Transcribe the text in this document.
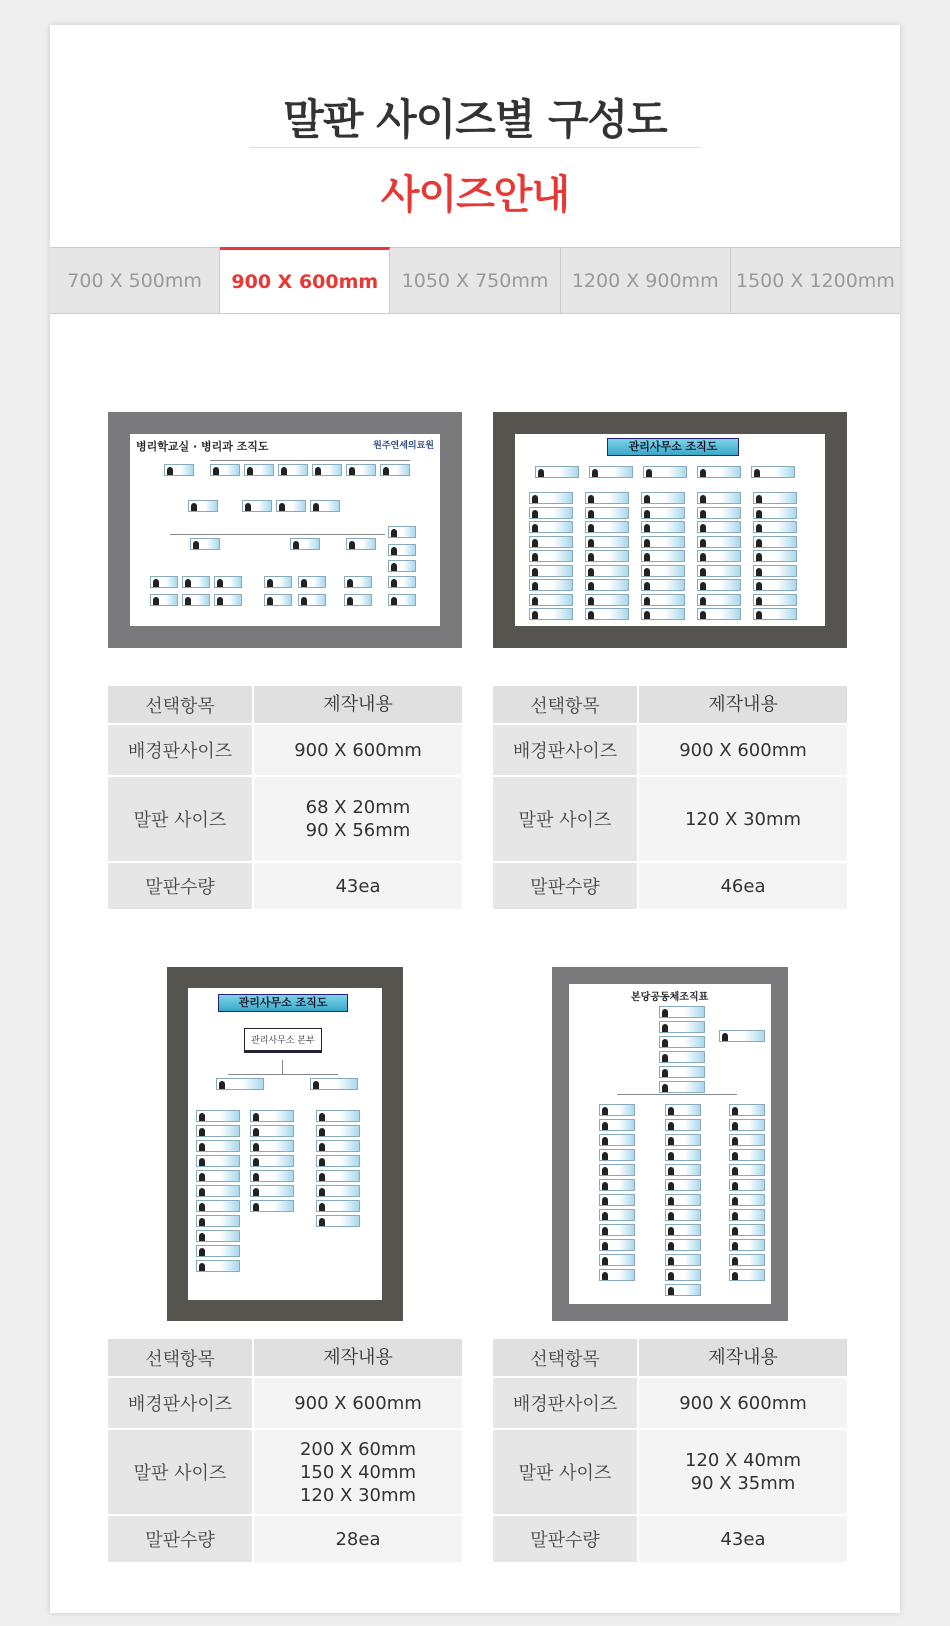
말판 사이즈별 구성도
사이즈안내
700 X 500mm	900 X 600mm	1050 X 750mm	1200 X 900mm 1500 X 1200mm
병리학교실 · 병리과 조직도	원주연세의료원
선택항목	제작내용
배경판사이즈	900 X 600mm
말판 사이즈	68 X 20mm
90 X 56mm

말판수량	43ea
관리사무소 조직도
선택항목	제작내용
배경판사이즈	900 X 600mm
말판 사이즈	120 X 30mm

말판수량	46ea
관리사무소 조직도
관리사무소 본부
선택항목	제작내용
배경판사이즈	900 X 600mm
말판 사이즈	200 X 60mm
150 X 40mm
120 X 30mm

말판수량	28ea
본당공동체조직표
선택항목	제작내용
배경판사이즈	900 X 600mm
말판 사이즈	120 X 40mm
90 X 35mm

말판수량	43ea
